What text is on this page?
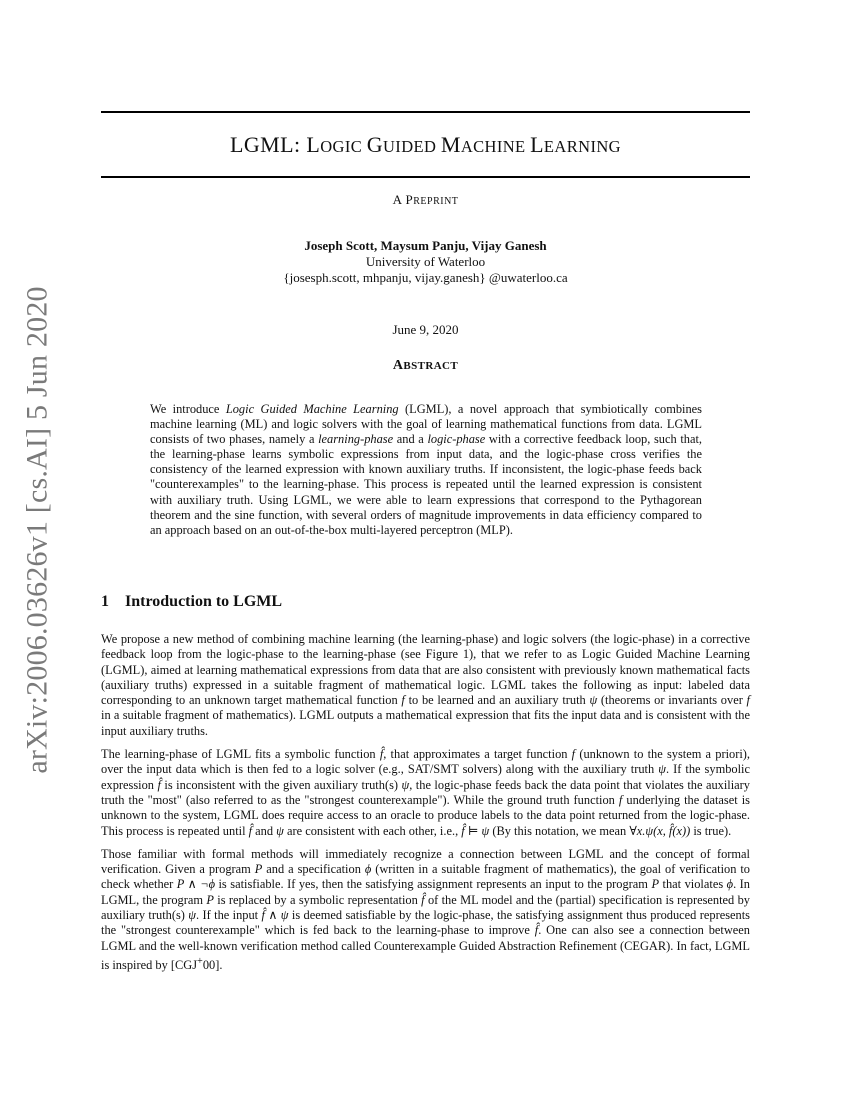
arXiv:2006.03626v1 [cs.AI] 5 Jun 2020
LGML: LOGIC GUIDED MACHINE LEARNING
A PREPRINT
Joseph Scott, Maysum Panju, Vijay Ganesh
University of Waterloo
{josesph.scott, mhpanju, vijay.ganesh} @uwaterloo.ca
June 9, 2020
ABSTRACT

We introduce Logic Guided Machine Learning (LGML), a novel approach that symbiotically combines machine learning (ML) and logic solvers with the goal of learning mathematical functions from data. LGML consists of two phases, namely a learning-phase and a logic-phase with a corrective feedback loop, such that, the learning-phase learns symbolic expressions from input data, and the logic-phase cross verifies the consistency of the learned expression with known auxiliary truths. If inconsistent, the logic-phase feeds back "counterexamples" to the learning-phase. This process is repeated until the learned expression is consistent with auxiliary truth. Using LGML, we were able to learn expressions that correspond to the Pythagorean theorem and the sine function, with several orders of magnitude improvements in data efficiency compared to an approach based on an out-of-the-box multi-layered perceptron (MLP).

1 Introduction to LGML

We propose a new method of combining machine learning (the learning-phase) and logic solvers (the logic-phase) in a corrective feedback loop from the logic-phase to the learning-phase (see Figure 1), that we refer to as Logic Guided Machine Learning (LGML), aimed at learning mathematical expressions from data that are also consistent with previously known mathematical facts (auxiliary truths) expressed in a suitable fragment of mathematical logic. LGML takes the following as input: labeled data corresponding to an unknown target mathematical function f to be learned and an auxiliary truth ψ (theorems or invariants over f in a suitable fragment of mathematics). LGML outputs a mathematical expression that fits the input data and is consistent with the input auxiliary truths.

The learning-phase of LGML fits a symbolic function f̂, that approximates a target function f (unknown to the system a priori), over the input data which is then fed to a logic solver (e.g., SAT/SMT solvers) along with the auxiliary truth ψ. If the symbolic expression f̂ is inconsistent with the given auxiliary truth(s) ψ, the logic-phase feeds back the data point that violates the auxiliary truth the "most" (also referred to as the "strongest counterexample"). While the ground truth function f underlying the dataset is unknown to the system, LGML does require access to an oracle to produce labels to the data point returned from the logic-phase. This process is repeated until f̂ and ψ are consistent with each other, i.e., f̂ ⊨ ψ (By this notation, we mean ∀x.ψ(x, f̂(x)) is true).

Those familiar with formal methods will immediately recognize a connection between LGML and the concept of formal verification. Given a program P and a specification ϕ (written in a suitable fragment of mathematics), the goal of verification to check whether P ∧ ¬ϕ is satisfiable. If yes, then the satisfying assignment represents an input to the program P that violates ϕ. In LGML, the program P is replaced by a symbolic representation f̂ of the ML model and the (partial) specification is represented by auxiliary truth(s) ψ. If the input f̂ ∧ ψ is deemed satisfiable by the logic-phase, the satisfying assignment thus produced represents the "strongest counterexample" which is fed back to the learning-phase to improve f̂. One can also see a connection between LGML and the well-known verification method called Counterexample Guided Abstraction Refinement (CEGAR). In fact, LGML is inspired by [CGJ+00].
